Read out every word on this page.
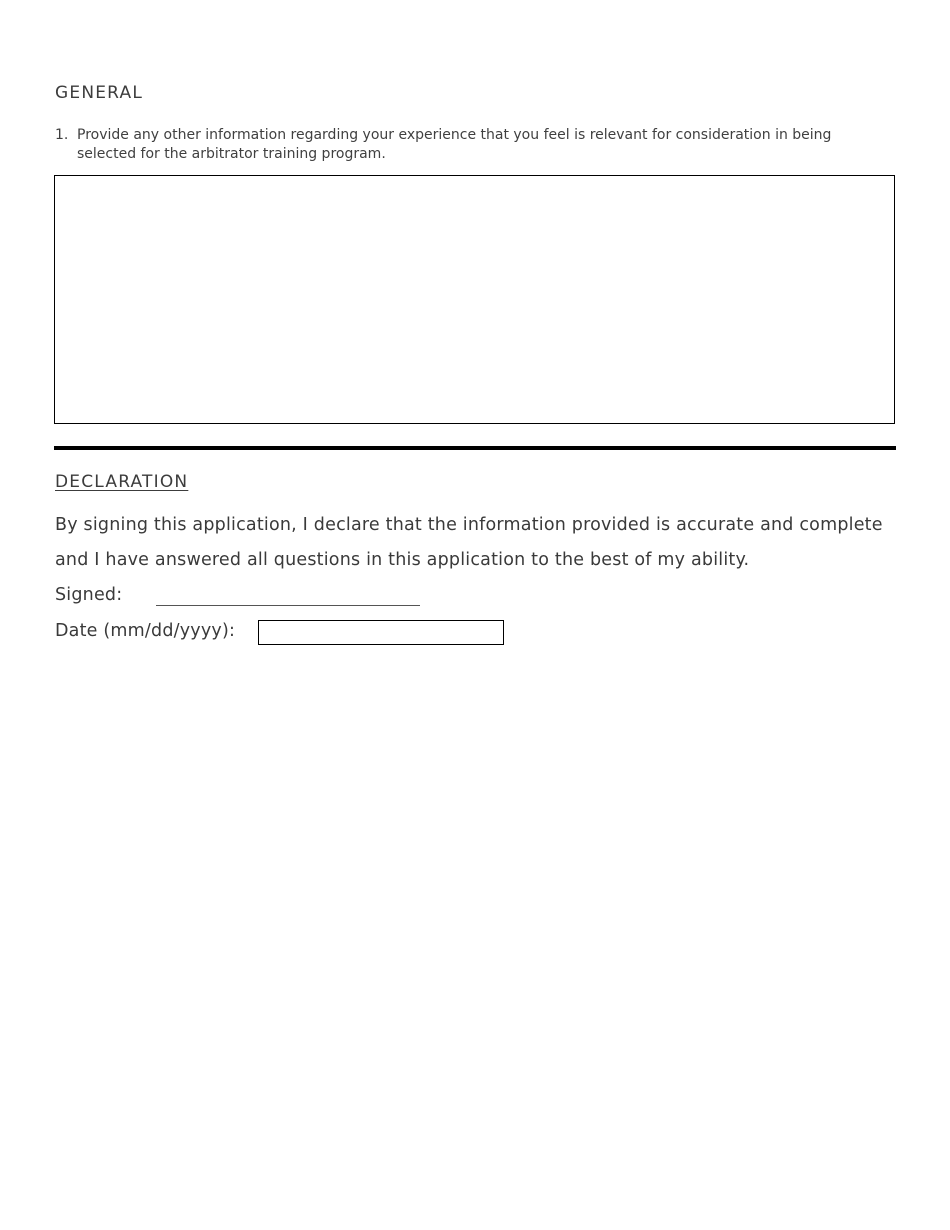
GENERAL
1. Provide any other information regarding your experience that you feel is relevant for consideration in being selected for the arbitrator training program.
DECLARATION
By signing this application, I declare that the information provided is accurate and complete and I have answered all questions in this application to the best of my ability.
Signed:
Date (mm/dd/yyyy):
